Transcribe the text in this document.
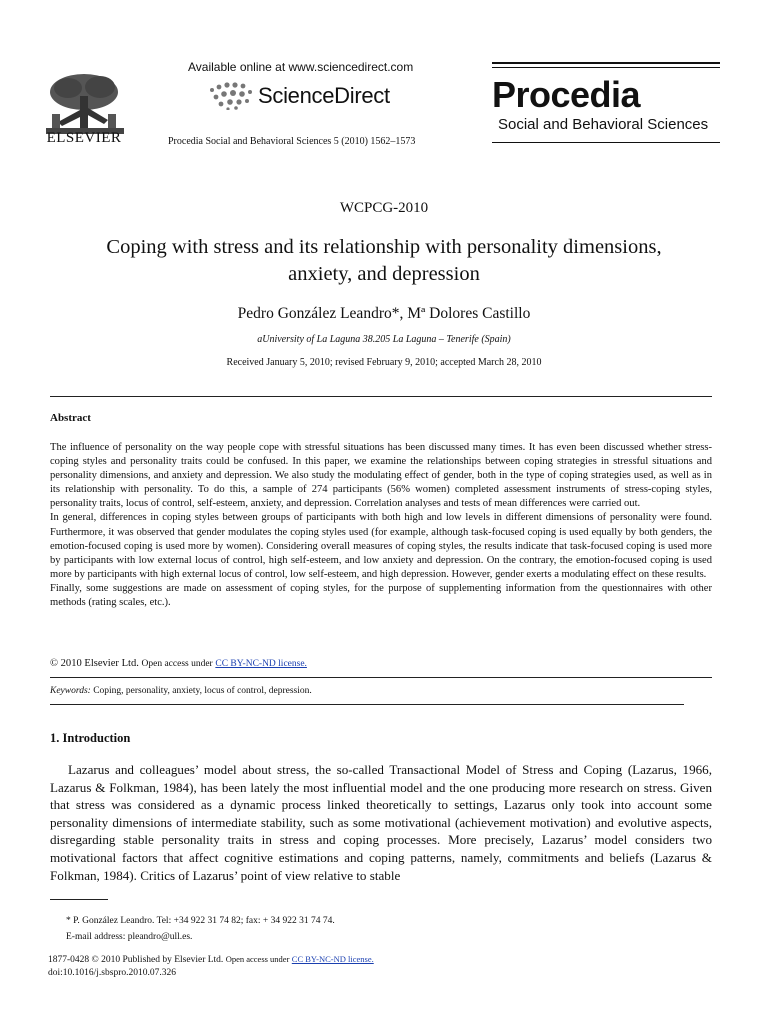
ELSEVIER
Available online at www.sciencedirect.com
ScienceDirect
Procedia Social and Behavioral Sciences 5 (2010) 1562–1573
Procedia
Social and Behavioral Sciences
WCPCG-2010
Coping with stress and its relationship with personality dimensions,
anxiety, and depression
Pedro González Leandro*, Mª Dolores Castillo
aUniversity of La Laguna 38.205 La Laguna – Tenerife (Spain)
Received January 5, 2010; revised February 9, 2010; accepted March 28, 2010
Abstract

The influence of personality on the way people cope with stressful situations has been discussed many times. It has even been discussed whether stress-coping styles and personality traits could be confused. In this paper, we examine the relationships between coping strategies in stressful situations and personality dimensions, and anxiety and depression. We also study the modulating effect of gender, both in the type of coping strategies used, as well as in its relationship with personality. To do this, a sample of 274 participants (56% women) completed assessment instruments of stress-coping styles, personality traits, locus of control, self-esteem, anxiety, and depression. Correlation analyses and tests of mean differences were carried out.

In general, differences in coping styles between groups of participants with both high and low levels in different dimensions of personality were found. Furthermore, it was observed that gender modulates the coping styles used (for example, although task-focused coping is used equally by both genders, the emotion-focused coping is used more by women). Considering overall measures of coping styles, the results indicate that task-focused coping is used more by participants with low external locus of control, high self-esteem, and low anxiety and depression. On the contrary, the emotion-focused coping is used more by participants with high external locus of control, low self-esteem, and high depression. However, gender exerts a modulating effect on these results.

Finally, some suggestions are made on assessment of coping styles, for the purpose of supplementing information from the questionnaires with other methods (rating scales, etc.).

© 2010 Elsevier Ltd. Open access under CC BY-NC-ND license.
Keywords: Coping, personality, anxiety, locus of control, depression.
1. Introduction

Lazarus and colleagues’ model about stress, the so-called Transactional Model of Stress and Coping (Lazarus, 1966, Lazarus & Folkman, 1984), has been lately the most influential model and the one producing more research on stress. Given that stress was considered as a dynamic process linked theoretically to settings, Lazarus only took into account some personality dimensions of intermediate stability, such as some motivational (achievement motivation) and evolutive aspects, disregarding stable personality traits in stress and coping processes. More precisely, Lazarus’ model considers two motivational factors that affect cognitive estimations and coping patterns, namely, commitments and beliefs (Lazarus & Folkman, 1984). Critics of Lazarus’ point of view relative to stable

* P. González Leandro. Tel: +34 922 31 74 82; fax: + 34 922 31 74 74.
E-mail address: pleandro@ull.es.
1877-0428 © 2010 Published by Elsevier Ltd. Open access under CC BY-NC-ND license.
doi:10.1016/j.sbspro.2010.07.326
